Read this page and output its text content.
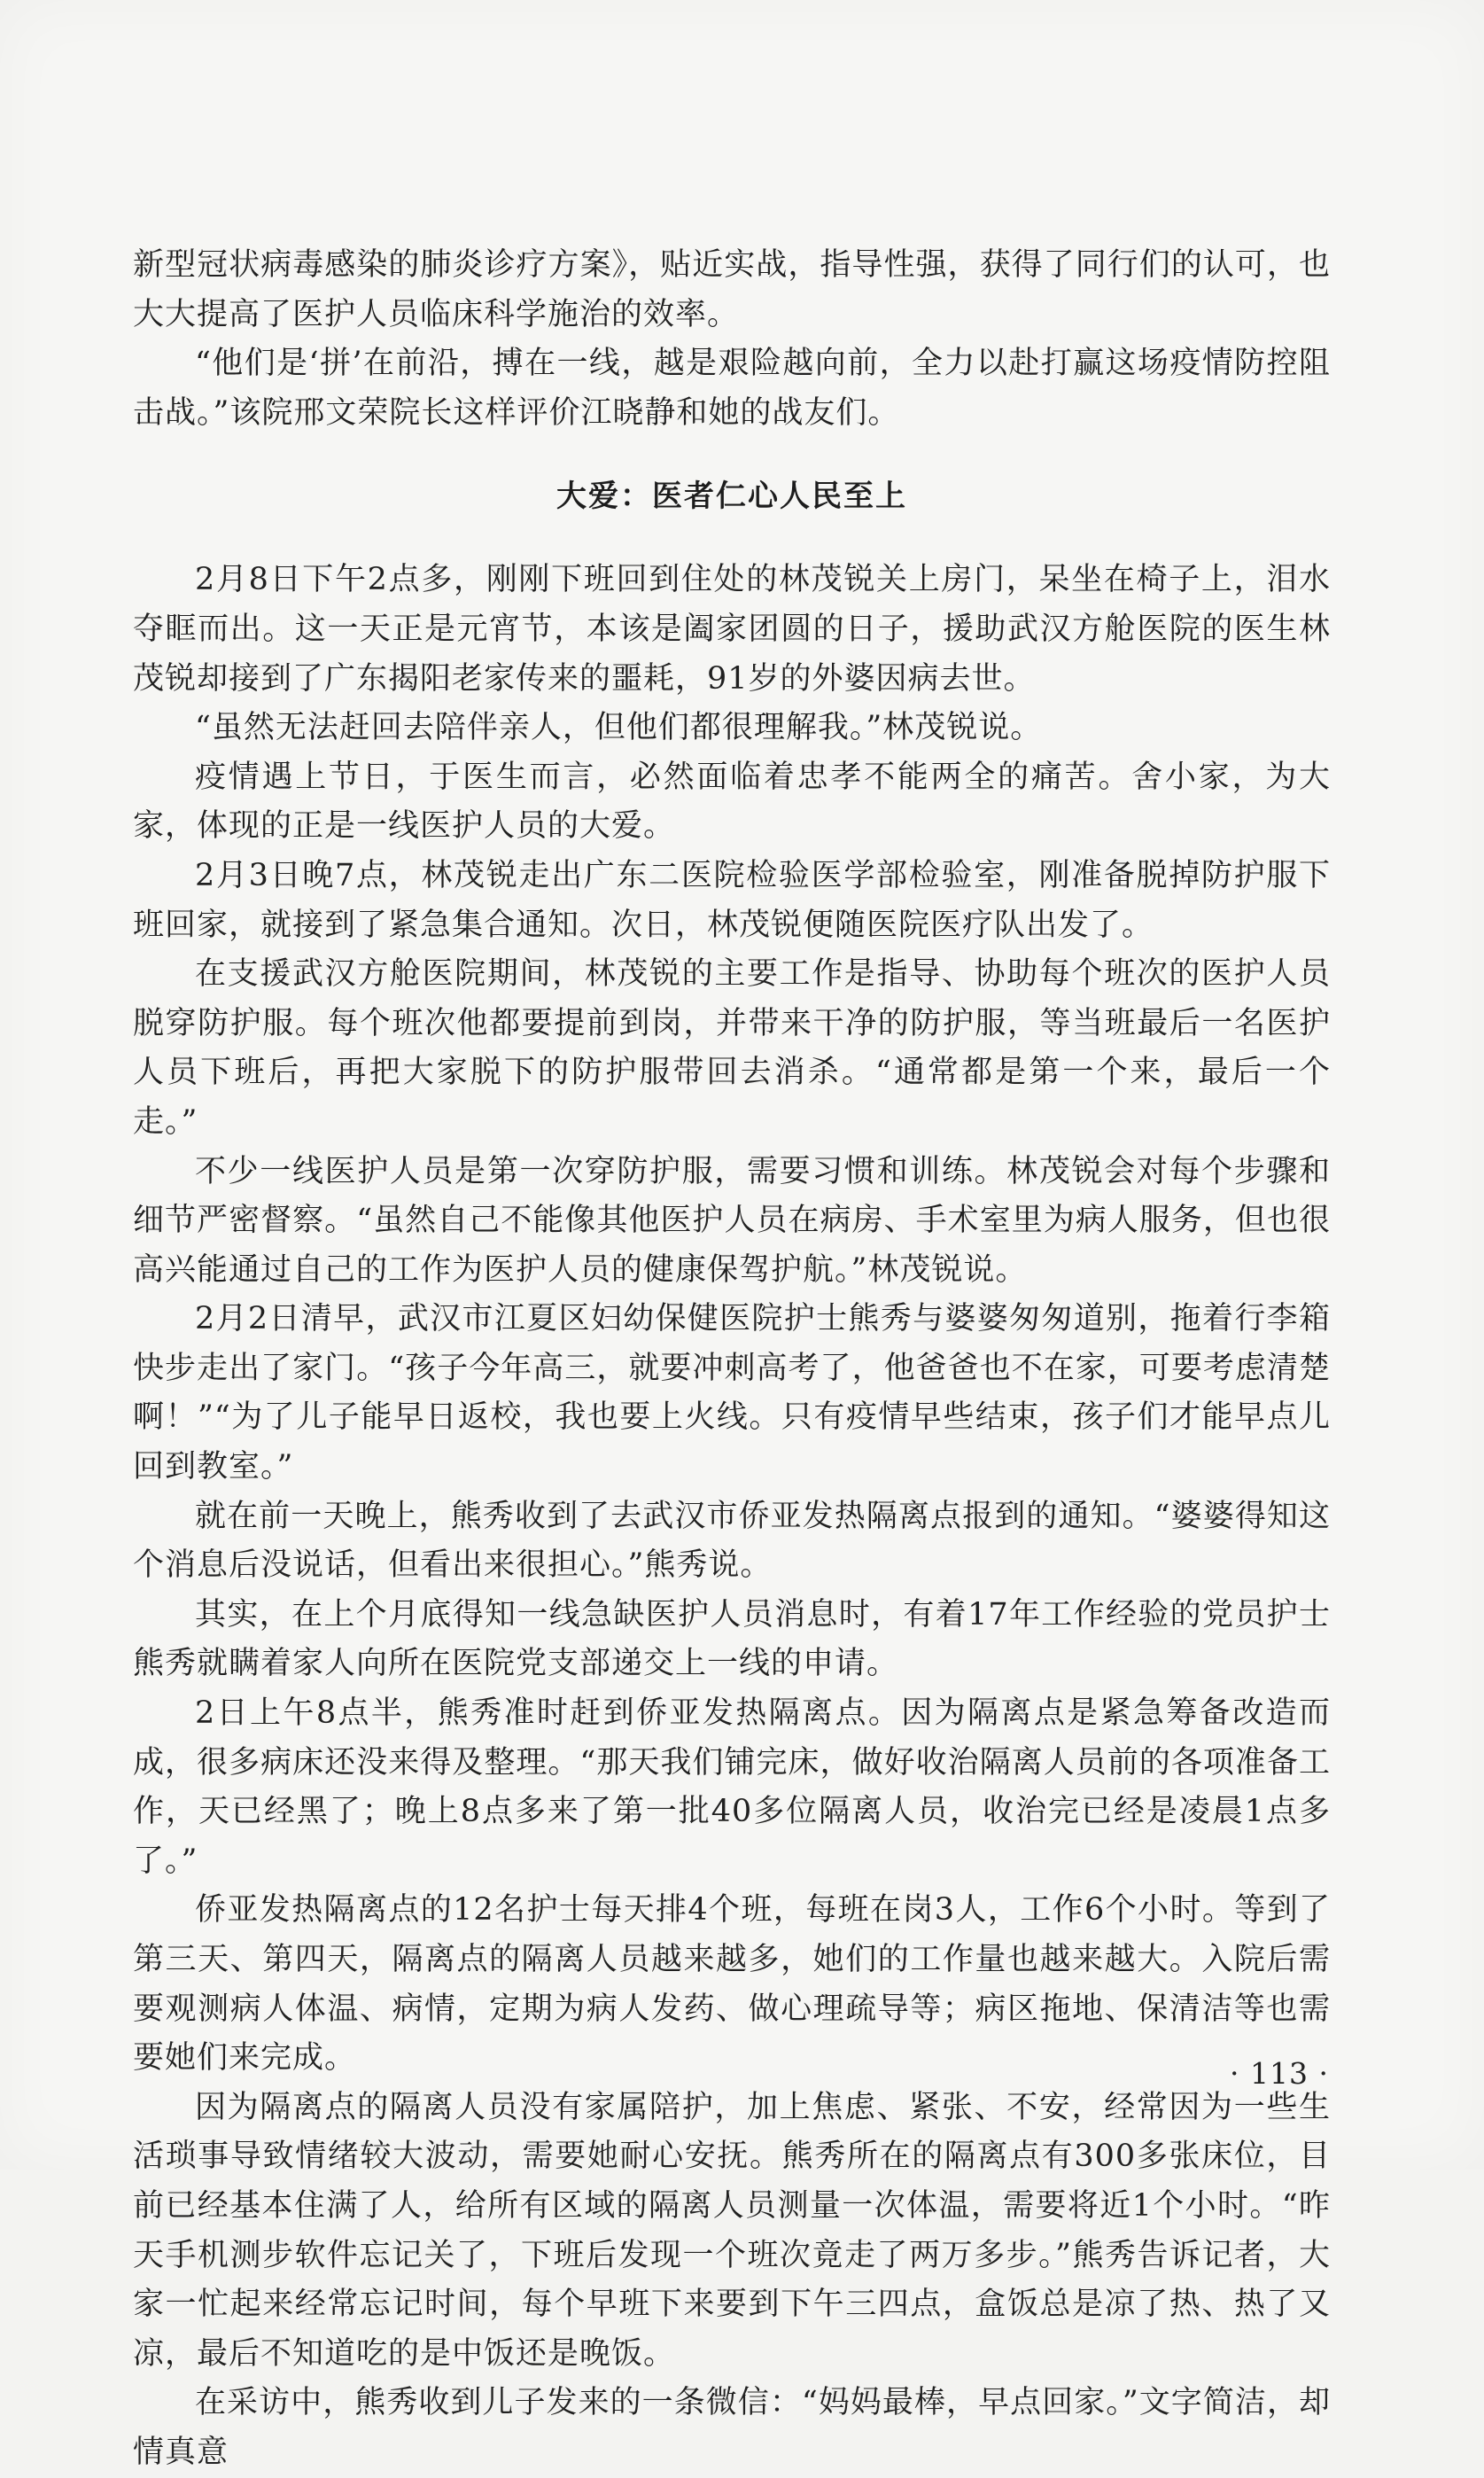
新型冠状病毒感染的肺炎诊疗方案》，贴近实战，指导性强，获得了同行们的认可，也大大提高了医护人员临床科学施治的效率。

“他们是‘拼’在前沿，搏在一线，越是艰险越向前，全力以赴打赢这场疫情防控阻击战。”该院邢文荣院长这样评价江晓静和她的战友们。

大爱：医者仁心人民至上

2月8日下午2点多，刚刚下班回到住处的林茂锐关上房门，呆坐在椅子上，泪水夺眶而出。这一天正是元宵节，本该是阖家团圆的日子，援助武汉方舱医院的医生林茂锐却接到了广东揭阳老家传来的噩耗，91岁的外婆因病去世。

“虽然无法赶回去陪伴亲人，但他们都很理解我。”林茂锐说。

疫情遇上节日，于医生而言，必然面临着忠孝不能两全的痛苦。舍小家，为大家，体现的正是一线医护人员的大爱。

2月3日晚7点，林茂锐走出广东二医院检验医学部检验室，刚准备脱掉防护服下班回家，就接到了紧急集合通知。次日，林茂锐便随医院医疗队出发了。

在支援武汉方舱医院期间，林茂锐的主要工作是指导、协助每个班次的医护人员脱穿防护服。每个班次他都要提前到岗，并带来干净的防护服，等当班最后一名医护人员下班后，再把大家脱下的防护服带回去消杀。“通常都是第一个来，最后一个走。”

不少一线医护人员是第一次穿防护服，需要习惯和训练。林茂锐会对每个步骤和细节严密督察。“虽然自己不能像其他医护人员在病房、手术室里为病人服务，但也很高兴能通过自己的工作为医护人员的健康保驾护航。”林茂锐说。

2月2日清早，武汉市江夏区妇幼保健医院护士熊秀与婆婆匆匆道别，拖着行李箱快步走出了家门。“孩子今年高三，就要冲刺高考了，他爸爸也不在家，可要考虑清楚啊！”“为了儿子能早日返校，我也要上火线。只有疫情早些结束，孩子们才能早点儿回到教室。”

就在前一天晚上，熊秀收到了去武汉市侨亚发热隔离点报到的通知。“婆婆得知这个消息后没说话，但看出来很担心。”熊秀说。

其实，在上个月底得知一线急缺医护人员消息时，有着17年工作经验的党员护士熊秀就瞒着家人向所在医院党支部递交上一线的申请。

2日上午8点半，熊秀准时赶到侨亚发热隔离点。因为隔离点是紧急筹备改造而成，很多病床还没来得及整理。“那天我们铺完床，做好收治隔离人员前的各项准备工作，天已经黑了；晚上8点多来了第一批40多位隔离人员，收治完已经是凌晨1点多了。”

侨亚发热隔离点的12名护士每天排4个班，每班在岗3人，工作6个小时。等到了第三天、第四天，隔离点的隔离人员越来越多，她们的工作量也越来越大。入院后需要观测病人体温、病情，定期为病人发药、做心理疏导等；病区拖地、保清洁等也需要她们来完成。

因为隔离点的隔离人员没有家属陪护，加上焦虑、紧张、不安，经常因为一些生活琐事导致情绪较大波动，需要她耐心安抚。熊秀所在的隔离点有300多张床位，目前已经基本住满了人，给所有区域的隔离人员测量一次体温，需要将近1个小时。“昨天手机测步软件忘记关了，下班后发现一个班次竟走了两万多步。”熊秀告诉记者，大家一忙起来经常忘记时间，每个早班下来要到下午三四点，盒饭总是凉了热、热了又凉，最后不知道吃的是中饭还是晚饭。

在采访中，熊秀收到儿子发来的一条微信：“妈妈最棒，早点回家。”文字简洁，却情真意

· 113 ·
